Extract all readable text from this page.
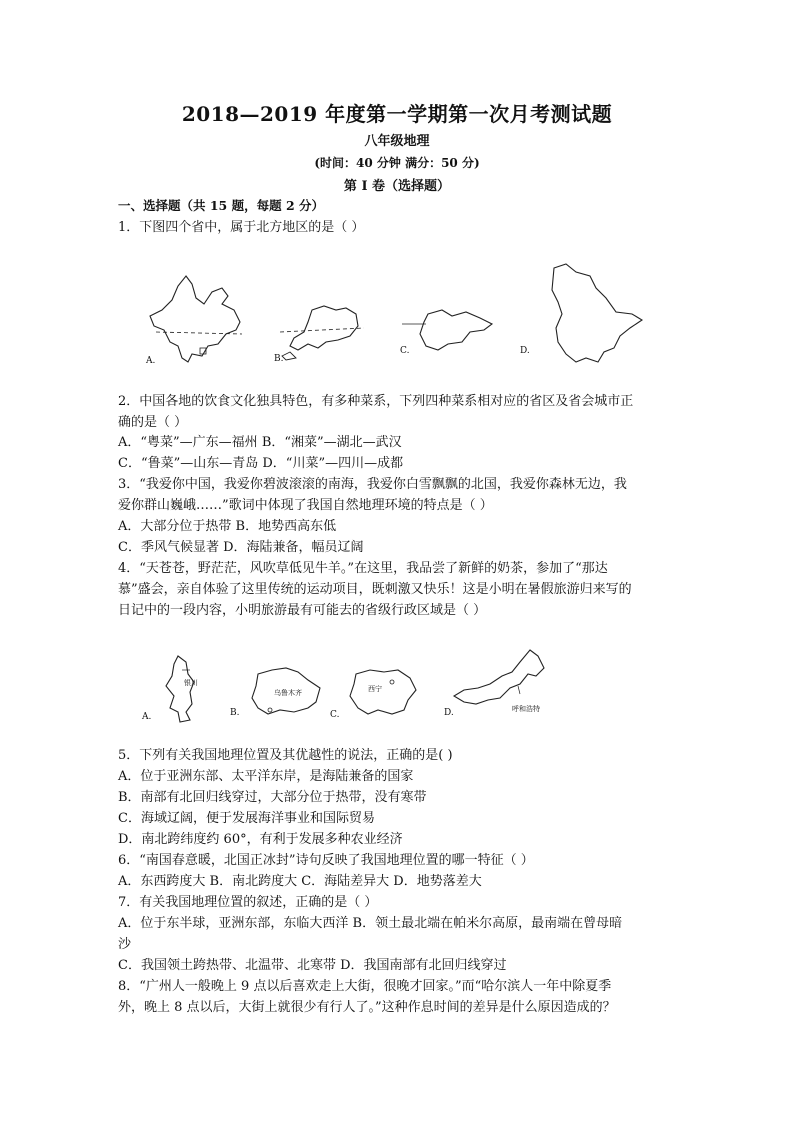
2018—2019 年度第一学期第一次月考测试题
八年级地理
(时间：40 分钟 满分：50 分)
第 I 卷（选择题）
一、选择题（共 15 题，每题 2 分）
1．下图四个省中，属于北方地区的是（ ）
A.	B.
C.	D.
2．中国各地的饮食文化独具特色，有多种菜系，下列四种菜系相对应的省区及省会城市正
确的是（ ）
A．“粤菜”—广东—福州 B．“湘菜”—湖北—武汉
C．“鲁菜”—山东—青岛 D．“川菜”—四川—成都
3．“我爱你中国，我爱你碧波滚滚的南海，我爱你白雪飘飘的北国，我爱你森林无边，我
爱你群山巍峨……”歌词中体现了我国自然地理环境的特点是（ ）
A．大部分位于热带 B．地势西高东低
C．季风气候显著 D．海陆兼备，幅员辽阔
4．“天苍苍，野茫茫，风吹草低见牛羊。”在这里，我品尝了新鲜的奶茶，参加了“那达
慕”盛会，亲自体验了这里传统的运动项目，既刺激又快乐！这是小明在暑假旅游归来写的
日记中的一段内容，小明旅游最有可能去的省级行政区域是（ ）
银川
A.
乌鲁木齐
B.
西宁
C.
呼和浩特
D.
5．下列有关我国地理位置及其优越性的说法，正确的是( )
A．位于亚洲东部、太平洋东岸，是海陆兼备的国家
B．南部有北回归线穿过，大部分位于热带，没有寒带
C．海域辽阔，便于发展海洋事业和国际贸易
D．南北跨纬度约 60°，有利于发展多种农业经济
6．“南国春意暖，北国正冰封”诗句反映了我国地理位置的哪一特征（ ）
A．东西跨度大 B．南北跨度大 C．海陆差异大 D．地势落差大
7．有关我国地理位置的叙述，正确的是（ ）
A．位于东半球，亚洲东部，东临大西洋 B．领土最北端在帕米尔高原，最南端在曾母暗
沙
C．我国领土跨热带、北温带、北寒带 D．我国南部有北回归线穿过
8．“广州人一般晚上 9 点以后喜欢走上大街，很晚才回家。”而“哈尔滨人一年中除夏季
外，晚上 8 点以后，大街上就很少有行人了。”这种作息时间的差异是什么原因造成的？
